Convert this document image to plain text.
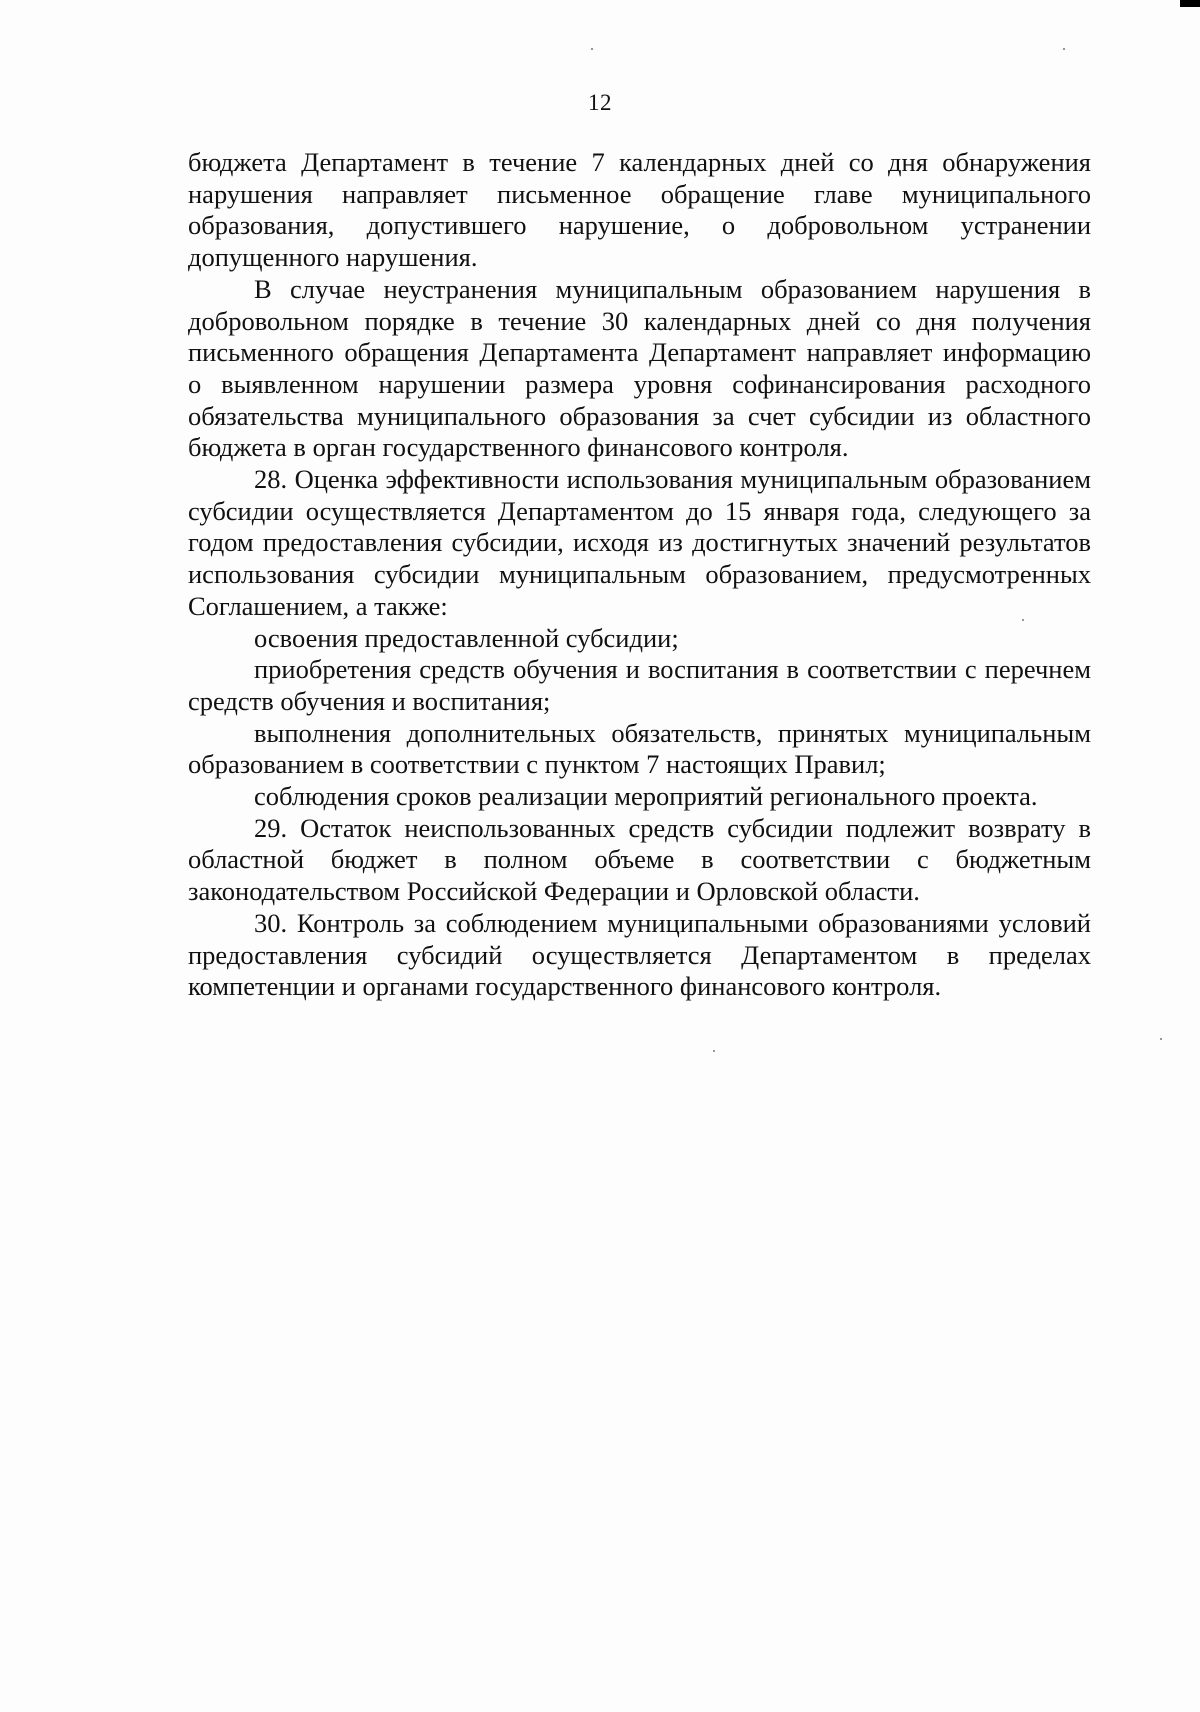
12

бюджета Департамент в течение 7 календарных дней со дня обнаружения нарушения направляет письменное обращение главе муниципального образования, допустившего нарушение, о добровольном устранении допущенного нарушения.

В случае неустранения муниципальным образованием нарушения в добровольном порядке в течение 30 календарных дней со дня получения письменного обращения Департамента Департамент направляет информацию о выявленном нарушении размера уровня софинансирования расходного обязательства муниципального образования за счет субсидии из областного бюджета в орган государственного финансового контроля.

28. Оценка эффективности использования муниципальным образованием субсидии осуществляется Департаментом до 15 января года, следующего за годом предоставления субсидии, исходя из достигнутых значений результатов использования субсидии муниципальным образованием, предусмотренных Соглашением, а также:

освоения предоставленной субсидии;

приобретения средств обучения и воспитания в соответствии с перечнем средств обучения и воспитания;

выполнения дополнительных обязательств, принятых муниципальным образованием в соответствии с пунктом 7 настоящих Правил;

соблюдения сроков реализации мероприятий регионального проекта.

29. Остаток неиспользованных средств субсидии подлежит возврату в областной бюджет в полном объеме в соответствии с бюджетным законодательством Российской Федерации и Орловской области.

30. Контроль за соблюдением муниципальными образованиями условий предоставления субсидий осуществляется Департаментом в пределах компетенции и органами государственного финансового контроля.
